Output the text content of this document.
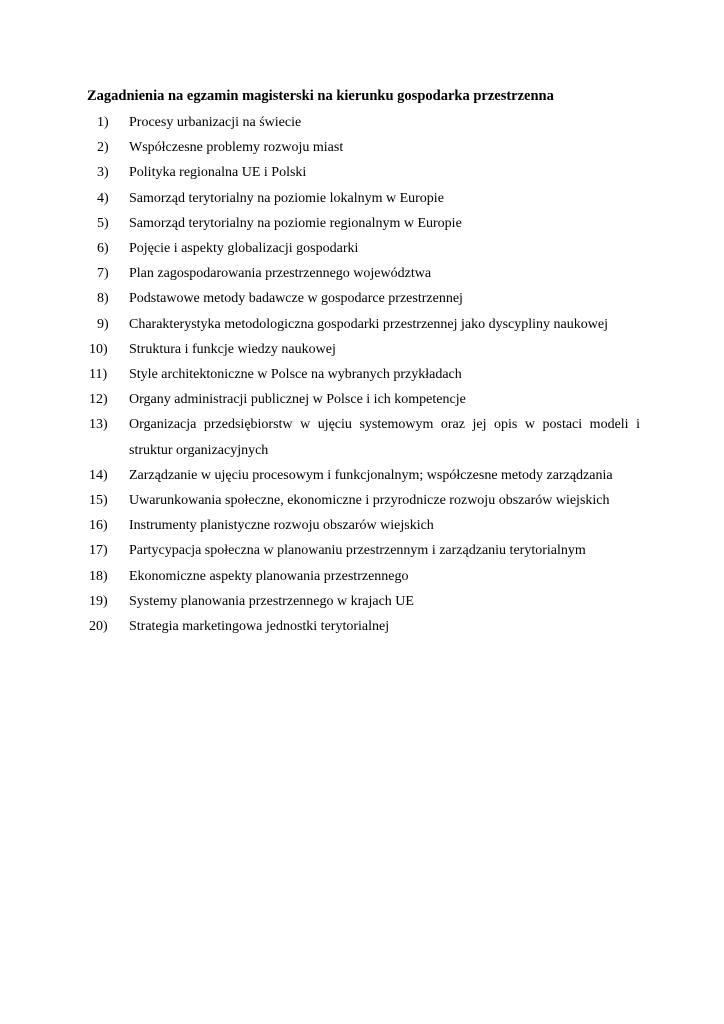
Zagadnienia na egzamin magisterski na kierunku gospodarka przestrzenna
1)	Procesy urbanizacji na świecie
2)	Współczesne problemy rozwoju miast
3)	Polityka regionalna UE i Polski
4)	Samorząd terytorialny na poziomie lokalnym w Europie
5)	Samorząd terytorialny na poziomie regionalnym w Europie
6)	Pojęcie i aspekty globalizacji gospodarki
7)	Plan zagospodarowania przestrzennego województwa
8)	Podstawowe metody badawcze w gospodarce przestrzennej
9)	Charakterystyka metodologiczna gospodarki przestrzennej jako dyscypliny naukowej
10)	Struktura i funkcje wiedzy naukowej
11)	Style architektoniczne w Polsce na wybranych przykładach
12)	Organy administracji publicznej w Polsce i ich kompetencje
13)	Organizacja przedsiębiorstw w ujęciu systemowym oraz jej opis w postaci modeli i struktur organizacyjnych
14)	Zarządzanie w ujęciu procesowym i funkcjonalnym; współczesne metody zarządzania
15)	Uwarunkowania społeczne, ekonomiczne i przyrodnicze rozwoju obszarów wiejskich
16)	Instrumenty planistyczne rozwoju obszarów wiejskich
17)	Partycypacja społeczna w planowaniu przestrzennym i zarządzaniu terytorialnym
18)	Ekonomiczne aspekty planowania przestrzennego
19)	Systemy planowania przestrzennego w krajach UE
20)	Strategia marketingowa jednostki terytorialnej
